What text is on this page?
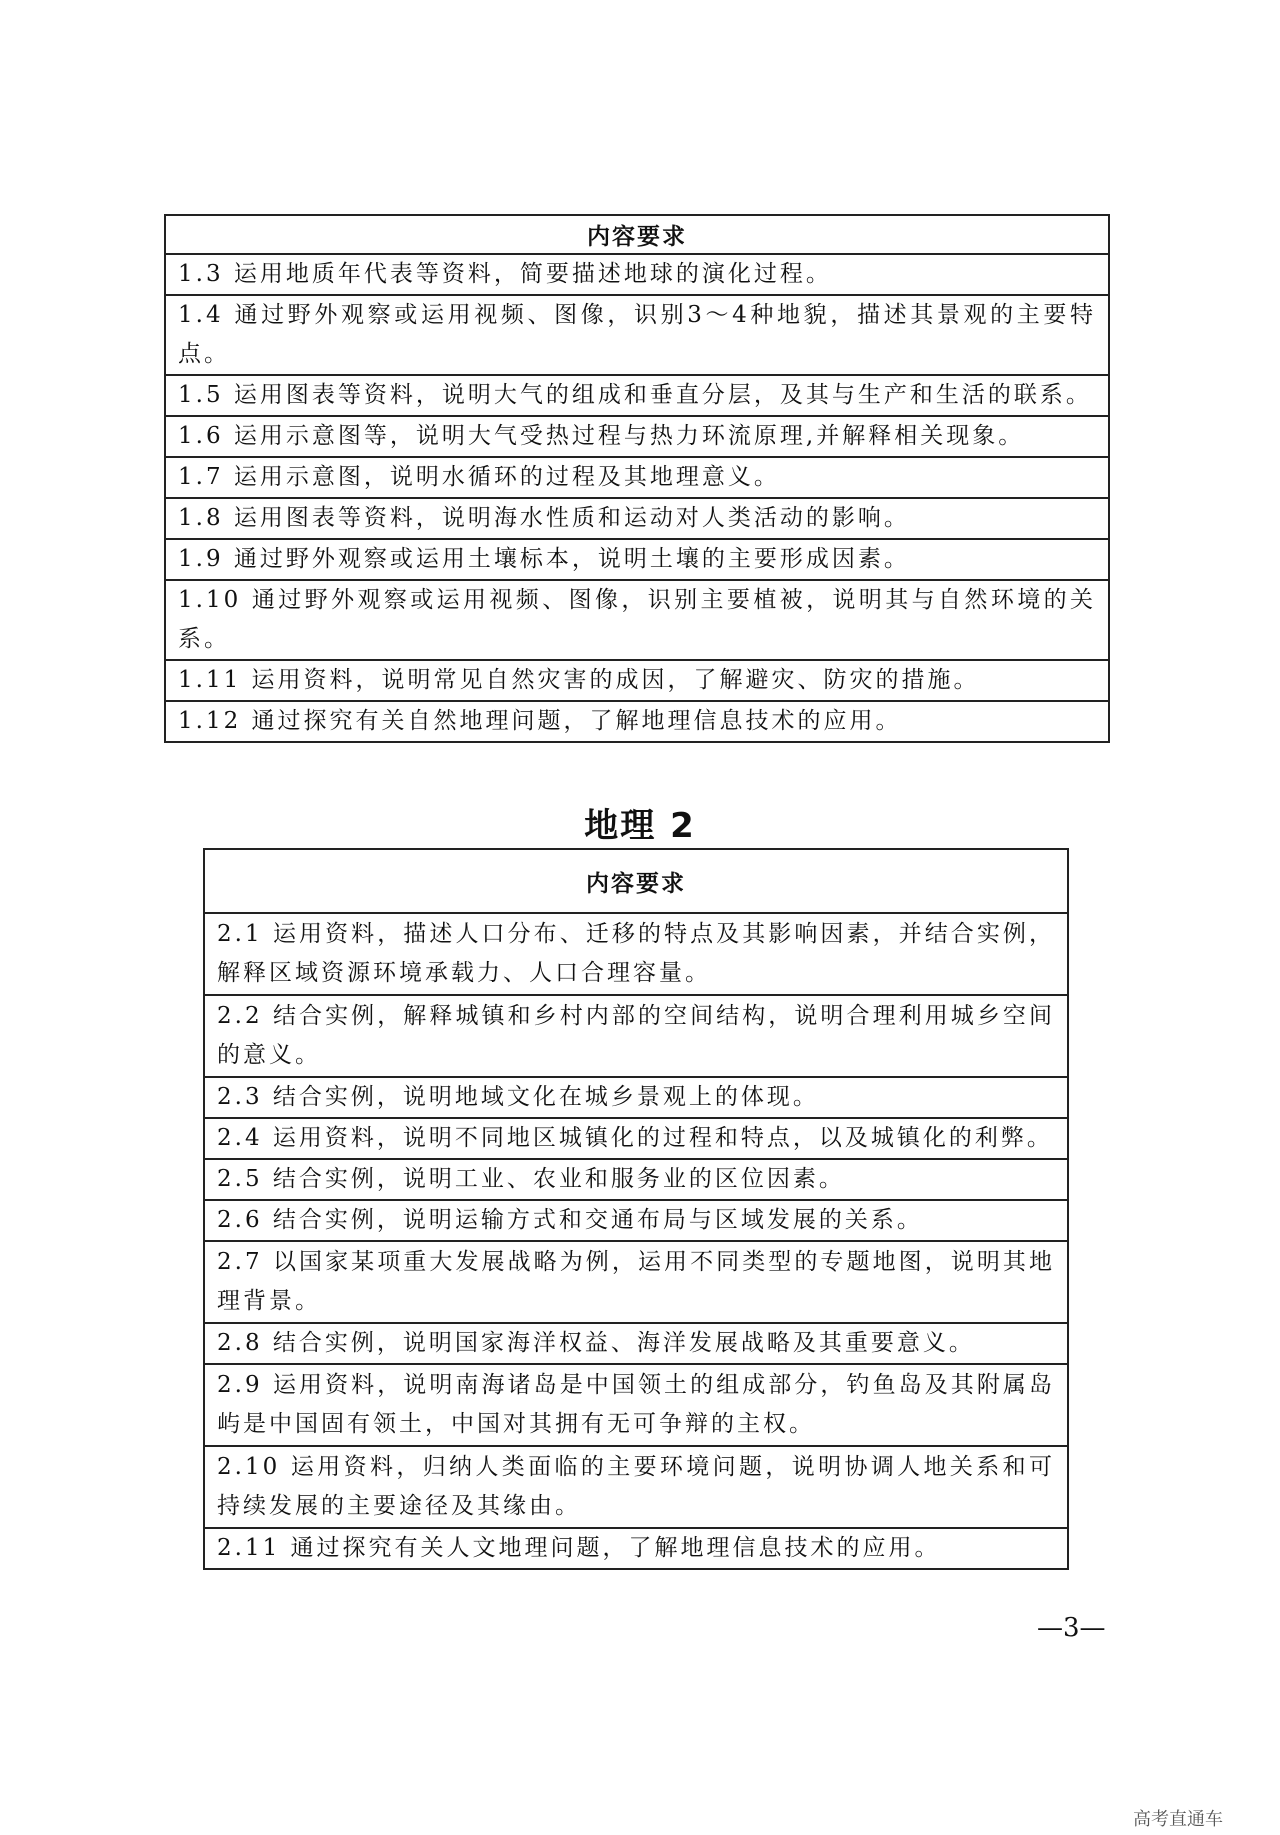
内容要求
1.3 运用地质年代表等资料，简要描述地球的演化过程。
1.4 通过野外观察或运用视频、图像，识别3～4种地貌，描述其景观的主要特点。
1.5 运用图表等资料，说明大气的组成和垂直分层，及其与生产和生活的联系。
1.6 运用示意图等，说明大气受热过程与热力环流原理,并解释相关现象。
1.7 运用示意图，说明水循环的过程及其地理意义。
1.8 运用图表等资料，说明海水性质和运动对人类活动的影响。
1.9 通过野外观察或运用土壤标本，说明土壤的主要形成因素。
1.10 通过野外观察或运用视频、图像，识别主要植被，说明其与自然环境的关系。
1.11 运用资料，说明常见自然灾害的成因，了解避灾、防灾的措施。
1.12 通过探究有关自然地理问题，了解地理信息技术的应用。
地理 2
内容要求
2.1 运用资料，描述人口分布、迁移的特点及其影响因素，并结合实例，解释区域资源环境承载力、人口合理容量。
2.2 结合实例，解释城镇和乡村内部的空间结构，说明合理利用城乡空间的意义。
2.3 结合实例，说明地域文化在城乡景观上的体现。
2.4 运用资料，说明不同地区城镇化的过程和特点，以及城镇化的利弊。
2.5 结合实例，说明工业、农业和服务业的区位因素。
2.6 结合实例，说明运输方式和交通布局与区域发展的关系。
2.7 以国家某项重大发展战略为例，运用不同类型的专题地图，说明其地理背景。
2.8 结合实例，说明国家海洋权益、海洋发展战略及其重要意义。
2.9 运用资料，说明南海诸岛是中国领土的组成部分，钓鱼岛及其附属岛屿是中国固有领土，中国对其拥有无可争辩的主权。
2.10 运用资料，归纳人类面临的主要环境问题，说明协调人地关系和可持续发展的主要途径及其缘由。
2.11 通过探究有关人文地理问题，了解地理信息技术的应用。
—3—
高考直通车
